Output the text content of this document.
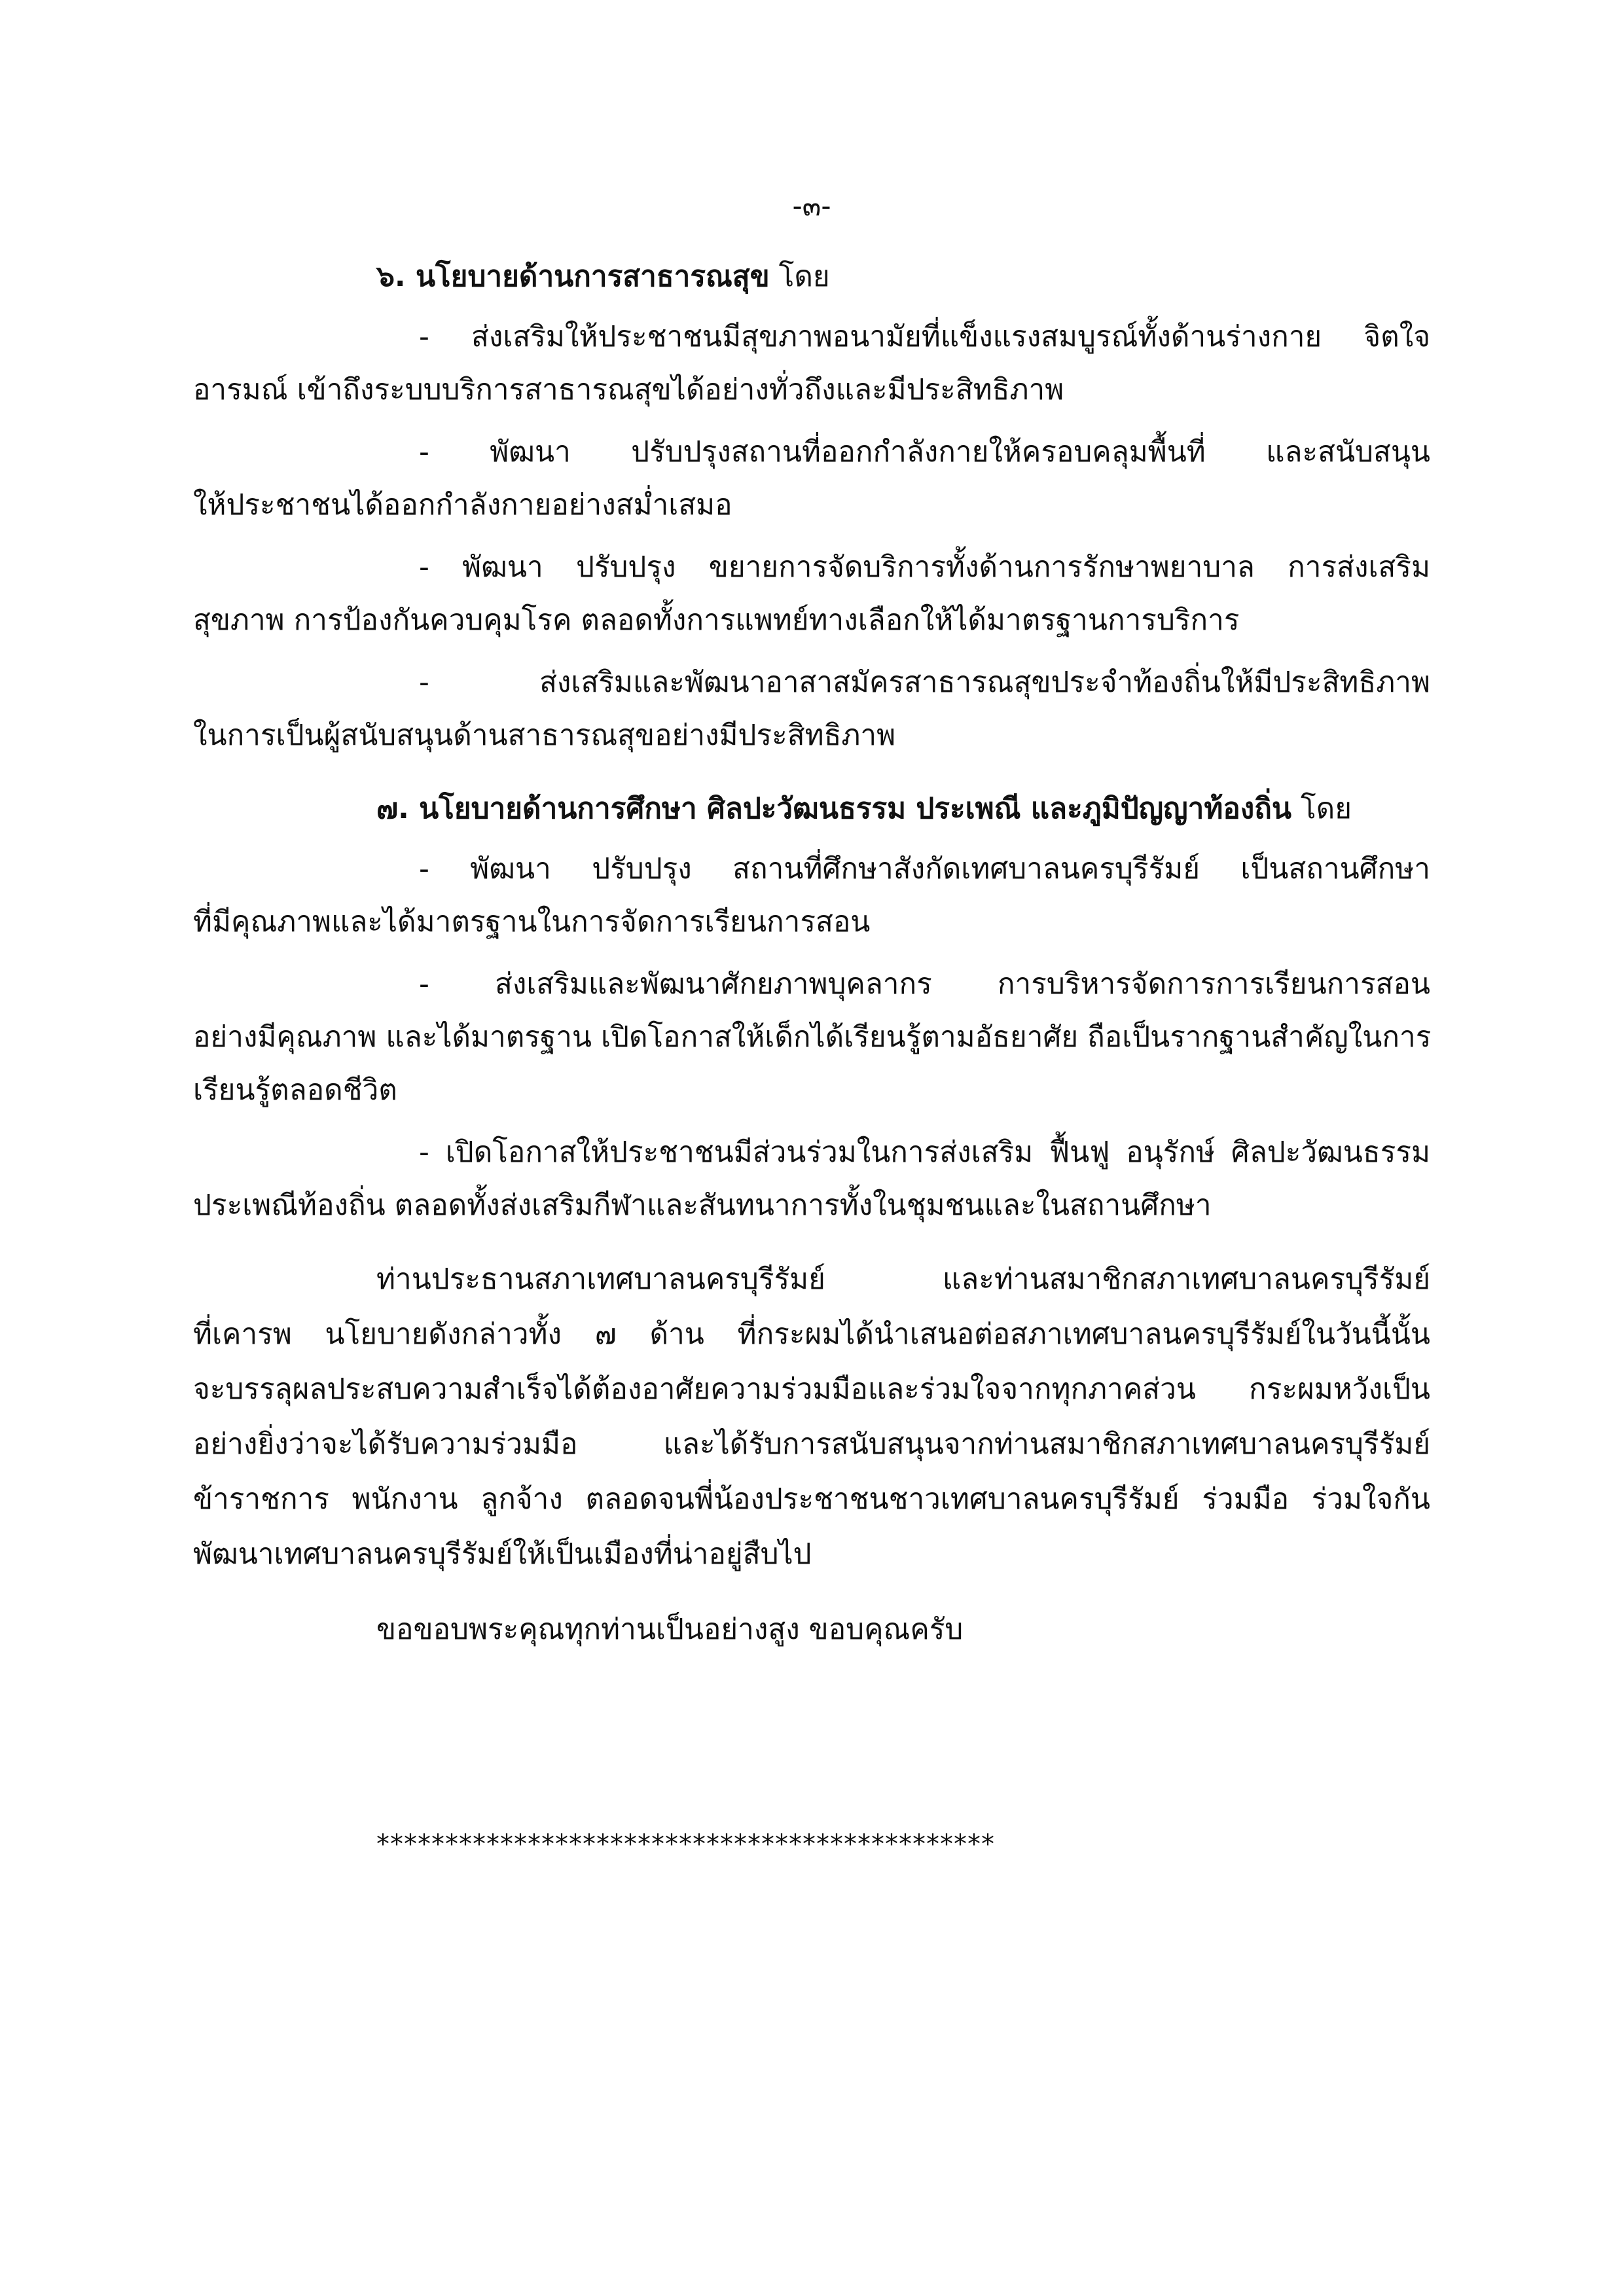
-๓-
๖. นโยบายด้านการสาธารณสุข โดย
- ส่งเสริมให้ประชาชนมีสุขภาพอนามัยที่แข็งแรงสมบูรณ์ทั้งด้านร่างกาย จิตใจ
อารมณ์ เข้าถึงระบบบริการสาธารณสุขได้อย่างทั่วถึงและมีประสิทธิภาพ
- พัฒนา ปรับปรุงสถานที่ออกกำลังกายให้ครอบคลุมพื้นที่ และสนับสนุน
ให้ประชาชนได้ออกกำลังกายอย่างสม่ำเสมอ
- พัฒนา ปรับปรุง ขยายการจัดบริการทั้งด้านการรักษาพยาบาล การส่งเสริม
สุขภาพ การป้องกันควบคุมโรค ตลอดทั้งการแพทย์ทางเลือกให้ได้มาตรฐานการบริการ
- ส่งเสริมและพัฒนาอาสาสมัครสาธารณสุขประจำท้องถิ่นให้มีประสิทธิภาพ
ในการเป็นผู้สนับสนุนด้านสาธารณสุขอย่างมีประสิทธิภาพ
๗. นโยบายด้านการศึกษา ศิลปะวัฒนธรรม ประเพณี และภูมิปัญญาท้องถิ่น โดย
- พัฒนา ปรับปรุง สถานที่ศึกษาสังกัดเทศบาลนครบุรีรัมย์ เป็นสถานศึกษา
ที่มีคุณภาพและได้มาตรฐานในการจัดการเรียนการสอน
- ส่งเสริมและพัฒนาศักยภาพบุคลากร การบริหารจัดการการเรียนการสอน
อย่างมีคุณภาพ และได้มาตรฐาน เปิดโอกาสให้เด็กได้เรียนรู้ตามอัธยาศัย ถือเป็นรากฐานสำคัญในการ
เรียนรู้ตลอดชีวิต
- เปิดโอกาสให้ประชาชนมีส่วนร่วมในการส่งเสริม ฟื้นฟู อนุรักษ์ ศิลปะวัฒนธรรม
ประเพณีท้องถิ่น ตลอดทั้งส่งเสริมกีฬาและสันทนาการทั้งในชุมชนและในสถานศึกษา
ท่านประธานสภาเทศบาลนครบุรีรัมย์ และท่านสมาชิกสภาเทศบาลนครบุรีรัมย์
ที่เคารพ นโยบายดังกล่าวทั้ง ๗ ด้าน ที่กระผมได้นำเสนอต่อสภาเทศบาลนครบุรีรัมย์ในวันนี้นั้น
จะบรรลุผลประสบความสำเร็จได้ต้องอาศัยความร่วมมือและร่วมใจจากทุกภาคส่วน กระผมหวังเป็น
อย่างยิ่งว่าจะได้รับความร่วมมือ และได้รับการสนับสนุนจากท่านสมาชิกสภาเทศบาลนครบุรีรัมย์
ข้าราชการ พนักงาน ลูกจ้าง ตลอดจนพี่น้องประชาชนชาวเทศบาลนครบุรีรัมย์ ร่วมมือ ร่วมใจกัน
พัฒนาเทศบาลนครบุรีรัมย์ให้เป็นเมืองที่น่าอยู่สืบไป
ขอขอบพระคุณทุกท่านเป็นอย่างสูง ขอบคุณครับ
*********************************************
